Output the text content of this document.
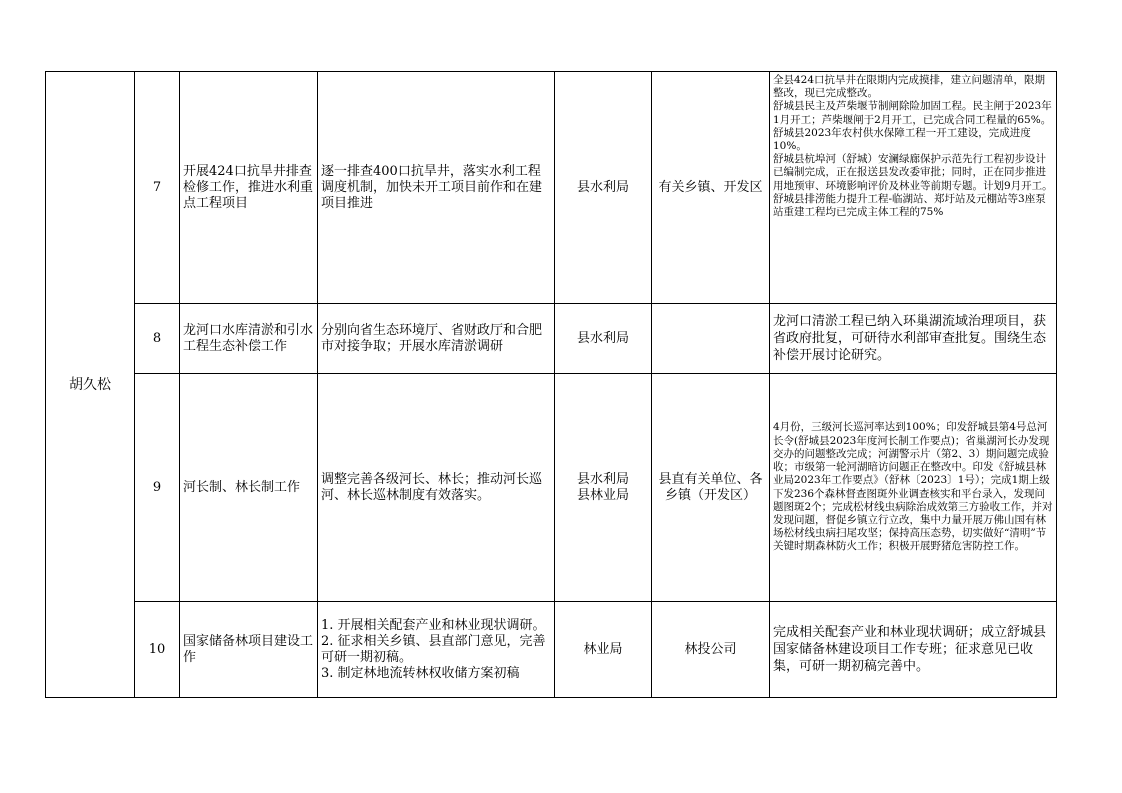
胡久松	7	开展424口抗旱井排查检修工作，推进水利重点工程项目	逐一排查400口抗旱井，落实水利工程调度机制，加快未开工项目前作和在建项目推进	县水利局	有关乡镇、开发区	全县424口抗旱井在限期内完成摸排，建立问题清单，限期整改，现已完成整改。
舒城县民主及芦柴堰节制闸除险加固工程。民主闸于2023年1月开工；芦柴堰闸于2月开工，已完成合同工程量的65%。
舒城县2023年农村供水保障工程一开工建设，完成进度10%。
舒城县杭埠河（舒城）安澜绿廊保护示范先行工程初步设计已编制完成，正在报送县发改委审批；同时，正在同步推进用地预审、环境影响评价及林业等前期专题。计划9月开工。
舒城县排涝能力提升工程-临湖站、郑圩站及元棚站等3座泵站重建工程均已完成主体工程的75%

	8	龙河口水库清淤和引水工程生态补偿工作	分别向省生态环境厅、省财政厅和合肥市对接争取；开展水库清淤调研	县水利局		龙河口清淤工程已纳入环巢湖流域治理项目，获省政府批复，可研待水利部审查批复。围绕生态补偿开展讨论研究。
	9	河长制、林长制工作	调整完善各级河长、林长；推动河长巡河、林长巡林制度有效落实。	县水利局
县林业局	县直有关单位、各乡镇（开发区）	4月份，三级河长巡河率达到100%；印发舒城县第4号总河长令(舒城县2023年度河长制工作要点)；省巢湖河长办发现交办的问题整改完成；河湖警示片（第2、3）期问题完成验收；市级第一轮河湖暗访问题正在整改中。印发《舒城县林业局2023年工作要点》（舒林〔2023〕1号）；完成1期上级下发236个森林督查图斑外业调查核实和平台录入，发现问题图斑2个；完成松材线虫病除治成效第三方验收工作，并对发现问题，督促乡镇立行立改，集中力量开展万佛山国有林场松材线虫病扫尾攻坚；保持高压态势，切实做好“清明”节关键时期森林防火工作；积极开展野猪危害防控工作。
	10	国家储备林项目建设工作	1. 开展相关配套产业和林业现状调研。
2. 征求相关乡镇、县直部门意见，完善可研一期初稿。
3. 制定林地流转林权收储方案初稿	林业局	林投公司	完成相关配套产业和林业现状调研；成立舒城县国家储备林建设项目工作专班；征求意见已收集，可研一期初稿完善中。
